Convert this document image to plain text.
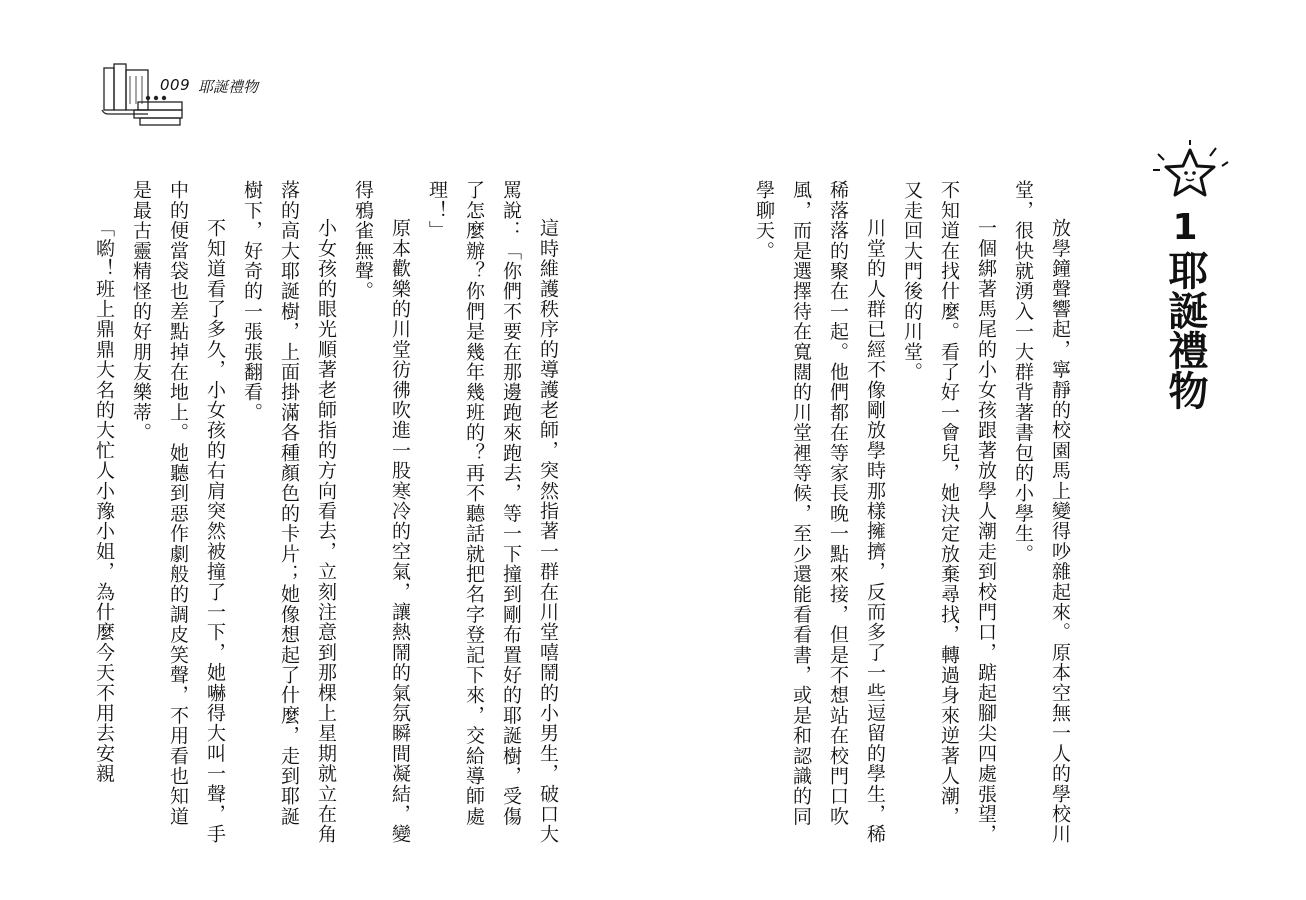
009 耶誕禮物
1
耶誕禮物

放學鐘聲響起，寧靜的校園馬上變得吵雜起來。原本空無一人的學校川堂，很快就湧入一大群背著書包的小學生。

一個綁著馬尾的小女孩跟著放學人潮走到校門口，踮起腳尖四處張望，不知道在找什麼。看了好一會兒，她決定放棄尋找，轉過身來逆著人潮，又走回大門後的川堂。

川堂的人群已經不像剛放學時那樣擁擠，反而多了一些逗留的學生，稀稀落落的聚在一起。他們都在等家長晚一點來接，但是不想站在校門口吹風，而是選擇待在寬闊的川堂裡等候，至少還能看看書，或是和認識的同學聊天。

這時維護秩序的導護老師，突然指著一群在川堂嘻鬧的小男生，破口大罵說：「你們不要在那邊跑來跑去，等一下撞到剛布置好的耶誕樹，受傷了怎麼辦？你們是幾年幾班的？再不聽話就把名字登記下來，交給導師處理！」

原本歡樂的川堂彷彿吹進一股寒冷的空氣，讓熱鬧的氣氛瞬間凝結，變得鴉雀無聲。

小女孩的眼光順著老師指的方向看去，立刻注意到那棵上星期就立在角落的高大耶誕樹，上面掛滿各種顏色的卡片；她像想起了什麼，走到耶誕樹下，好奇的一張張翻看。

不知道看了多久，小女孩的右肩突然被撞了一下，她嚇得大叫一聲，手中的便當袋也差點掉在地上。她聽到惡作劇般的調皮笑聲，不用看也知道是最古靈精怪的好朋友樂蒂。

「喲！班上鼎鼎大名的大忙人小豫小姐，為什麼今天不用去安親
